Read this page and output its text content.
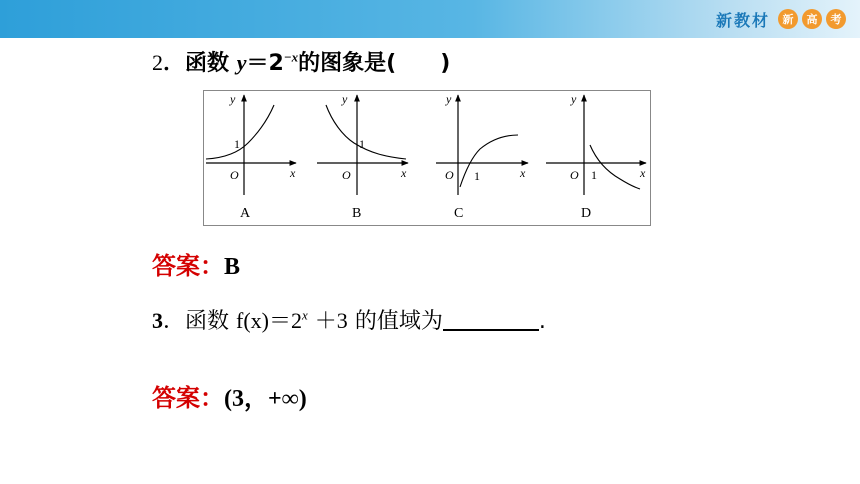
新教材	新	高	考
2．函数 $y=2^{-x}$的图象是( )
y
x
O
1
A
y
x
O
1
B
y
x
O 1
C
y
x
O 1
D
答案：B
3．函数 $f(x)=2^x +3$ 的值域为	.
答案：(3，+∞)
